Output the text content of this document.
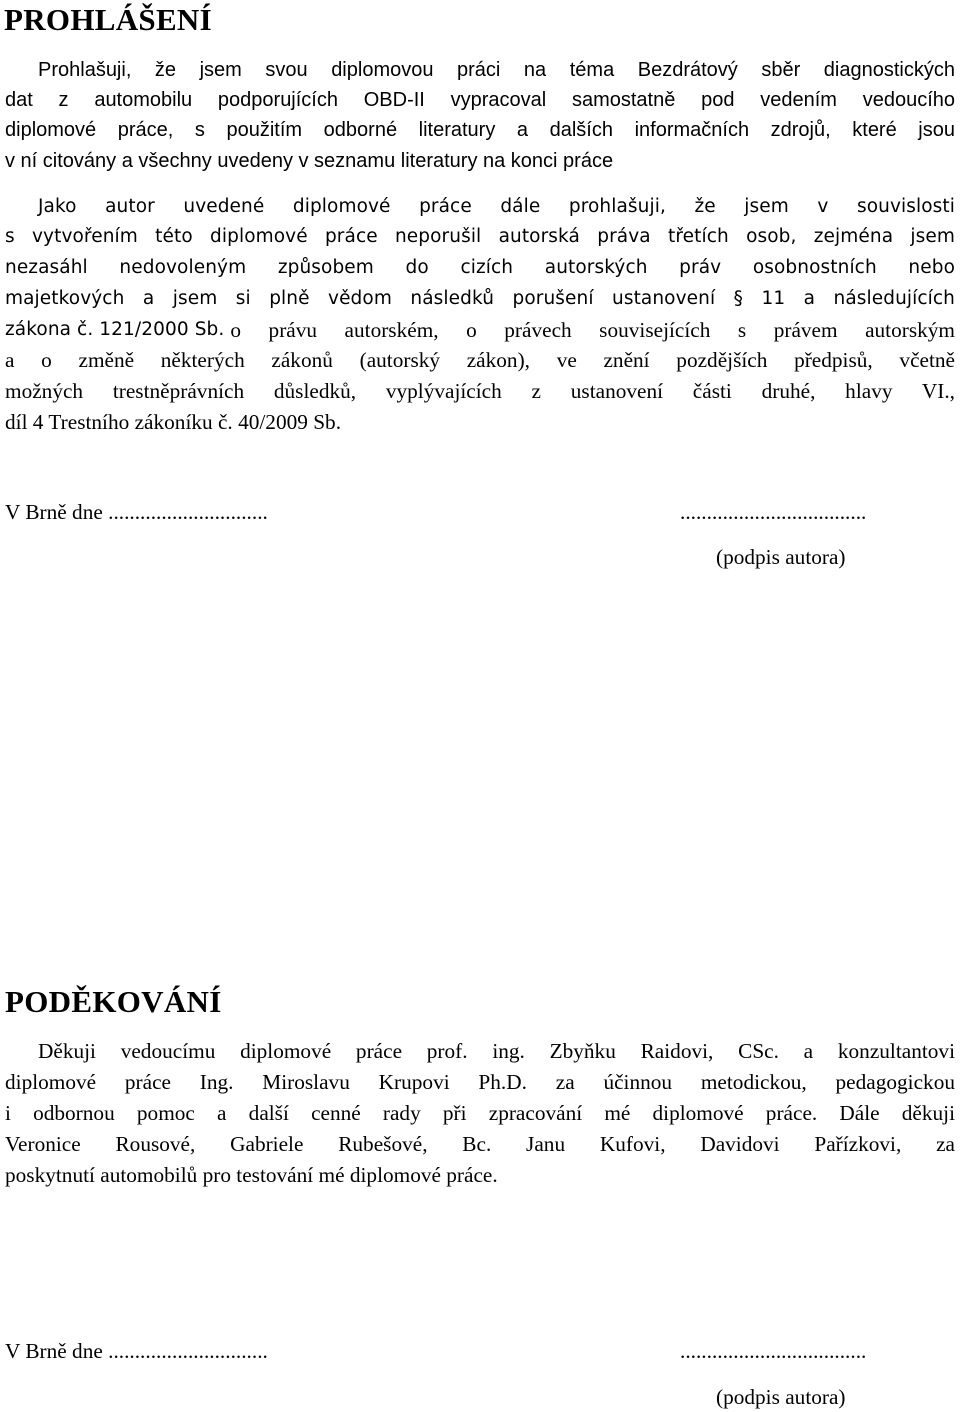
PROHLÁŠENÍ
Prohlašuji, že jsem svou diplomovou práci na téma Bezdrátový sběr diagnostických
dat z automobilu podporujících OBD-II vypracoval samostatně pod vedením vedoucího
diplomové práce, s použitím odborné literatury a dalších informačních zdrojů, které jsou
v ní citovány a všechny uvedeny v seznamu literatury na konci práce
Jako autor uvedené diplomové práce dále prohlašuji, že jsem v souvislosti
s vytvořením této diplomové práce neporušil autorská práva třetích osob, zejména jsem
nezasáhl nedovoleným způsobem do cizích autorských práv osobnostních nebo
majetkových a jsem si plně vědom následků porušení ustanovení § 11 a následujících
zákona č. 121/2000 Sb. o právu autorském, o právech souvisejících s právem autorským
a o změně některých zákonů (autorský zákon), ve znění pozdějších předpisů, včetně
možných trestněprávních důsledků, vyplývajících z ustanovení části druhé, hlavy VI.,
díl 4 Trestního zákoníku č. 40/2009 Sb.
V Brně dne ..............................	...................................
(podpis autora)
PODĚKOVÁNÍ
Děkuji vedoucímu diplomové práce prof. ing. Zbyňku Raidovi, CSc. a konzultantovi
diplomové práce Ing. Miroslavu Krupovi Ph.D. za účinnou metodickou, pedagogickou
i odbornou pomoc a další cenné rady při zpracování mé diplomové práce. Dále děkuji
Veronice Rousové, Gabriele Rubešové, Bc. Janu Kufovi, Davidovi Pařízkovi, za
poskytnutí automobilů pro testování mé diplomové práce.
V Brně dne ..............................	...................................
(podpis autora)
